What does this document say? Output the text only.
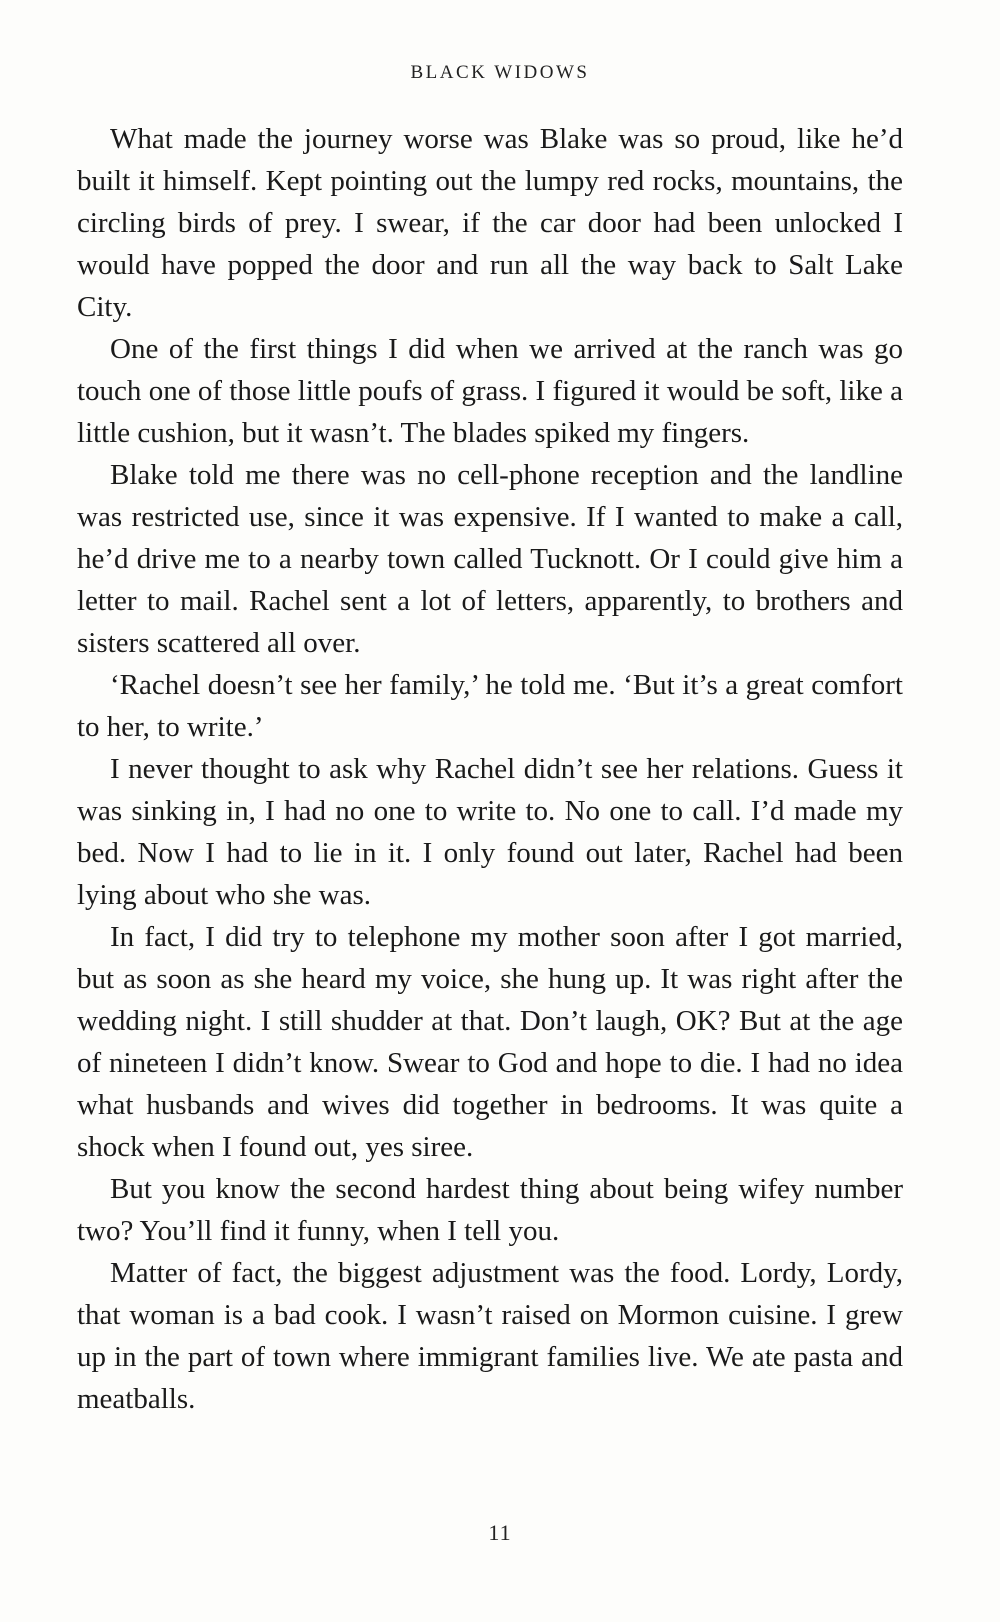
BLACK WIDOWS

What made the journey worse was Blake was so proud, like he’d built it himself. Kept pointing out the lumpy red rocks, mountains, the circling birds of prey. I swear, if the car door had been unlocked I would have popped the door and run all the way back to Salt Lake City.

One of the first things I did when we arrived at the ranch was go touch one of those little poufs of grass. I figured it would be soft, like a little cushion, but it wasn’t. The blades spiked my fingers.

Blake told me there was no cell-phone reception and the landline was restricted use, since it was expensive. If I wanted to make a call, he’d drive me to a nearby town called Tucknott. Or I could give him a letter to mail. Rachel sent a lot of letters, apparently, to brothers and sisters scattered all over.

‘Rachel doesn’t see her family,’ he told me. ‘But it’s a great comfort to her, to write.’

I never thought to ask why Rachel didn’t see her relations. Guess it was sinking in, I had no one to write to. No one to call. I’d made my bed. Now I had to lie in it. I only found out later, Rachel had been lying about who she was.

In fact, I did try to telephone my mother soon after I got married, but as soon as she heard my voice, she hung up. It was right after the wedding night. I still shudder at that. Don’t laugh, OK? But at the age of nineteen I didn’t know. Swear to God and hope to die. I had no idea what husbands and wives did together in bedrooms. It was quite a shock when I found out, yes siree.

But you know the second hardest thing about being wifey number two? You’ll find it funny, when I tell you.

Matter of fact, the biggest adjustment was the food. Lordy, Lordy, that woman is a bad cook. I wasn’t raised on Mormon cuisine. I grew up in the part of town where immigrant families live. We ate pasta and meatballs.

11
